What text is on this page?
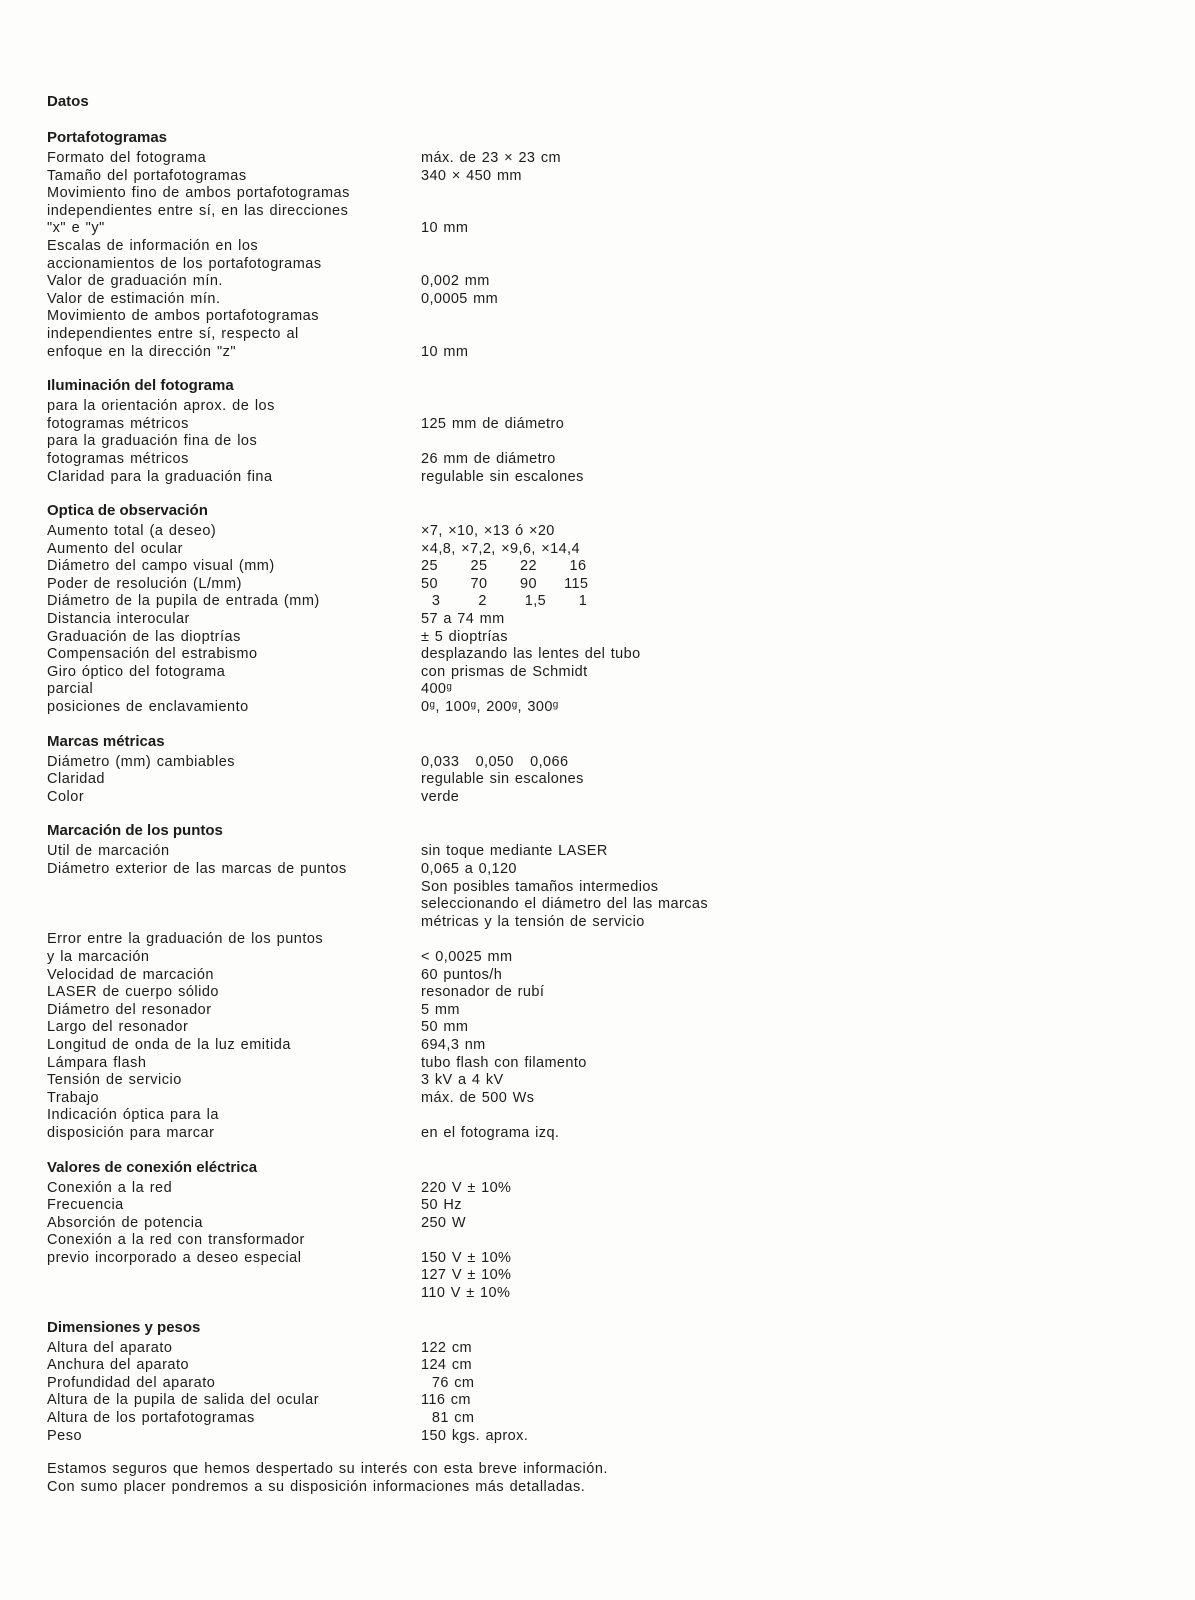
Datos
Portafotogramas
Formato del fotograma	máx. de 23 × 23 cm
Tamaño del portafotogramas	340 × 450 mm
Movimiento fino de ambos portafotogramas
independientes entre sí, en las direcciones
"x" e "y"	10 mm
Escalas de información en los
accionamientos de los portafotogramas
Valor de graduación mín.	0,002 mm
Valor de estimación mín.	0,0005 mm
Movimiento de ambos portafotogramas
independientes entre sí, respecto al
enfoque en la dirección "z"	10 mm
Iluminación del fotograma
para la orientación aprox. de los
fotogramas métricos	125 mm de diámetro
para la graduación fina de los
fotogramas métricos	26 mm de diámetro
Claridad para la graduación fina	regulable sin escalones
Optica de observación
Aumento total (a deseo)	×7, ×10, ×13 ó ×20
Aumento del ocular	×4,8, ×7,2, ×9,6, ×14,4
Diámetro del campo visual (mm)	25      25      22      16
Poder de resolución (L/mm)	50      70      90     115
Diámetro de la pupila de entrada (mm)	3       2       1,5      1
Distancia interocular	57 a 74 mm
Graduación de las dioptrías	± 5 dioptrías
Compensación del estrabismo	desplazando las lentes del tubo
Giro óptico del fotograma	con prismas de Schmidt
parcial	400ᵍ
posiciones de enclavamiento	0ᵍ, 100ᵍ, 200ᵍ, 300ᵍ
Marcas métricas
Diámetro (mm) cambiables	0,033   0,050   0,066
Claridad	regulable sin escalones
Color	verde
Marcación de los puntos
Util de marcación	sin toque mediante LASER
Diámetro exterior de las marcas de puntos	0,065 a 0,120
Son posibles tamaños intermedios
seleccionando el diámetro del las marcas
métricas y la tensión de servicio
Error entre la graduación de los puntos
y la marcación	< 0,0025 mm
Velocidad de marcación	60 puntos/h
LASER de cuerpo sólido	resonador de rubí
Diámetro del resonador	5 mm
Largo del resonador	50 mm
Longitud de onda de la luz emitida	694,3 nm
Lámpara flash	tubo flash con filamento
Tensión de servicio	3 kV a 4 kV
Trabajo	máx. de 500 Ws
Indicación óptica para la
disposición para marcar	en el fotograma izq.
Valores de conexión eléctrica
Conexión a la red	220 V ± 10%
Frecuencia	50 Hz
Absorción de potencia	250 W
Conexión a la red con transformador
previo incorporado a deseo especial	150 V ± 10%
127 V ± 10%
110 V ± 10%
Dimensiones y pesos
Altura del aparato	122 cm
Anchura del aparato	124 cm
Profundidad del aparato	76 cm
Altura de la pupila de salida del ocular	116 cm
Altura de los portafotogramas	81 cm
Peso	150 kgs. aprox.
Estamos seguros que hemos despertado su interés con esta breve información.
Con sumo placer pondremos a su disposición informaciones más detalladas.
